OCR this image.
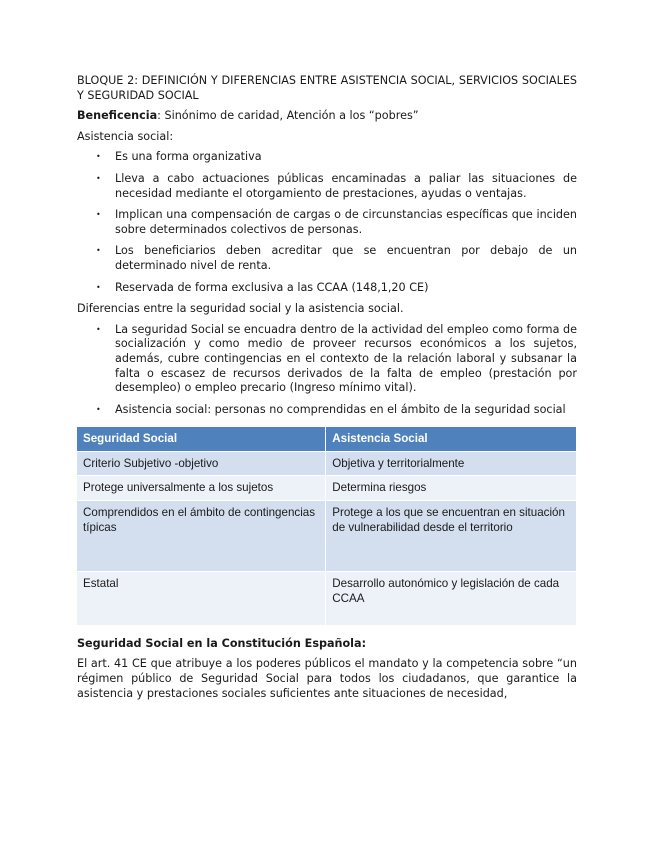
BLOQUE 2: DEFINICIÓN Y DIFERENCIAS ENTRE ASISTENCIA SOCIAL, SERVICIOS SOCIALES Y SEGURIDAD SOCIAL

Beneficencia: Sinónimo de caridad, Atención a los “pobres”

Asistencia social:

• Es una forma organizativa
• Lleva a cabo actuaciones públicas encaminadas a paliar las situaciones de necesidad mediante el otorgamiento de prestaciones, ayudas o ventajas.
• Implican una compensación de cargas o de circunstancias específicas que inciden sobre determinados colectivos de personas.
• Los beneficiarios deben acreditar que se encuentran por debajo de un determinado nivel de renta.
• Reservada de forma exclusiva a las CCAA (148,1,20 CE)

Diferencias entre la seguridad social y la asistencia social.

• La seguridad Social se encuadra dentro de la actividad del empleo como forma de socialización y como medio de proveer recursos económicos a los sujetos, además, cubre contingencias en el contexto de la relación laboral y subsanar la falta o escasez de recursos derivados de la falta de empleo (prestación por desempleo) o empleo precario (Ingreso mínimo vital).
• Asistencia social: personas no comprendidas en el ámbito de la seguridad social
Seguridad Social	Asistencia Social
Criterio Subjetivo -objetivo	Objetiva y territorialmente
Protege universalmente a los sujetos	Determina riesgos
Comprendidos en el ámbito de contingencias típicas	Protege a los que se encuentran en situación de vulnerabilidad desde el territorio
Estatal	Desarrollo autonómico y legislación de cada CCAA

Seguridad Social en la Constitución Española:

El art. 41 CE que atribuye a los poderes públicos el mandato y la competencia sobre “un régimen público de Seguridad Social para todos los ciudadanos, que garantice la asistencia y prestaciones sociales suficientes ante situaciones de necesidad,
